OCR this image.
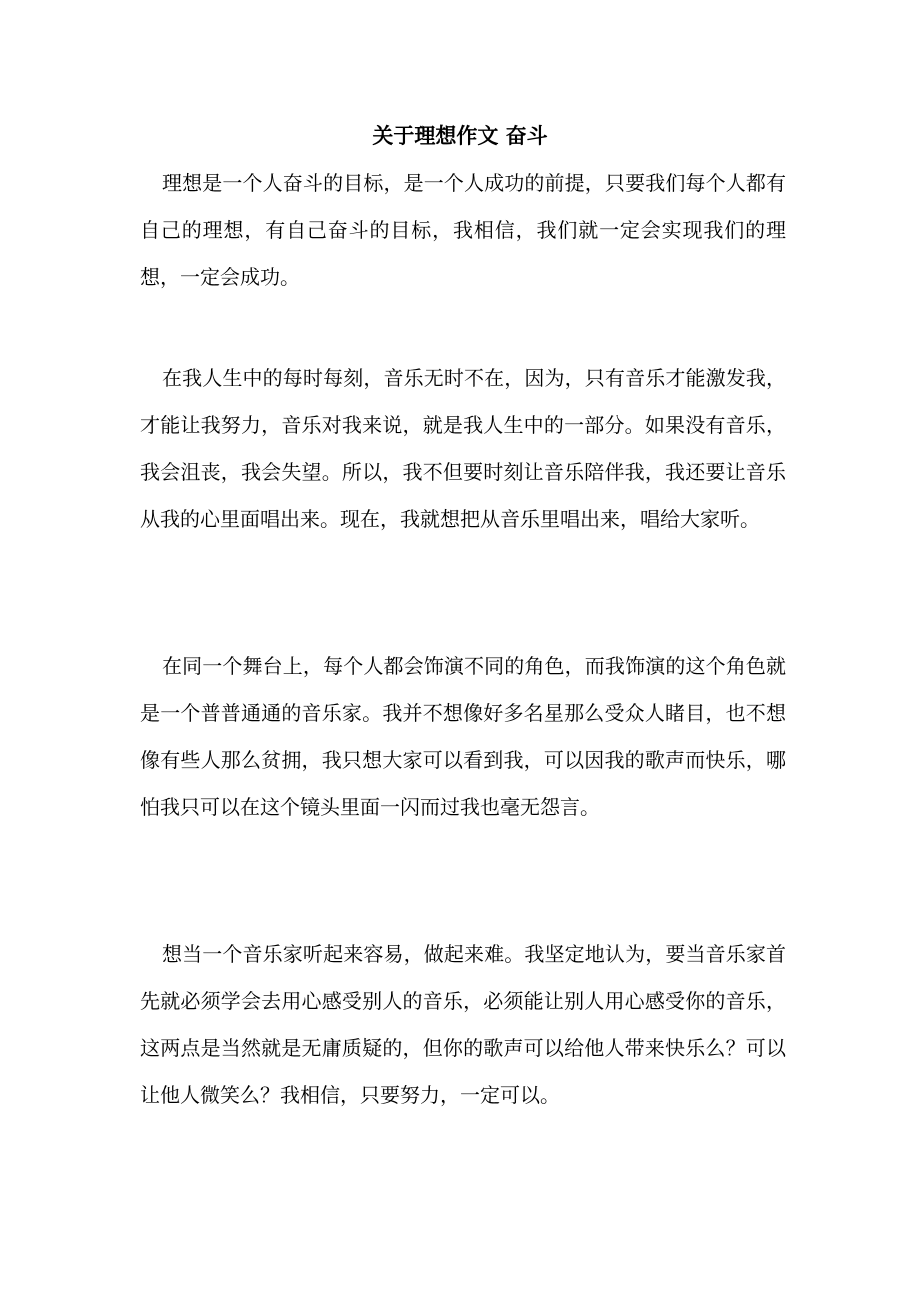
关于理想作文 奋斗

理想是一个人奋斗的目标，是一个人成功的前提，只要我们每个人都有自己的理想，有自己奋斗的目标，我相信，我们就一定会实现我们的理想，一定会成功。

在我人生中的每时每刻，音乐无时不在，因为，只有音乐才能激发我，才能让我努力，音乐对我来说，就是我人生中的一部分。如果没有音乐，我会沮丧，我会失望。所以，我不但要时刻让音乐陪伴我，我还要让音乐从我的心里面唱出来。现在，我就想把从音乐里唱出来，唱给大家听。

在同一个舞台上，每个人都会饰演不同的角色，而我饰演的这个角色就是一个普普通通的音乐家。我并不想像好多名星那么受众人睹目，也不想像有些人那么贫拥，我只想大家可以看到我，可以因我的歌声而快乐，哪怕我只可以在这个镜头里面一闪而过我也毫无怨言。

想当一个音乐家听起来容易，做起来难。我坚定地认为，要当音乐家首先就必须学会去用心感受别人的音乐，必须能让别人用心感受你的音乐，这两点是当然就是无庸质疑的，但你的歌声可以给他人带来快乐么？可以让他人微笑么？我相信，只要努力，一定可以。
